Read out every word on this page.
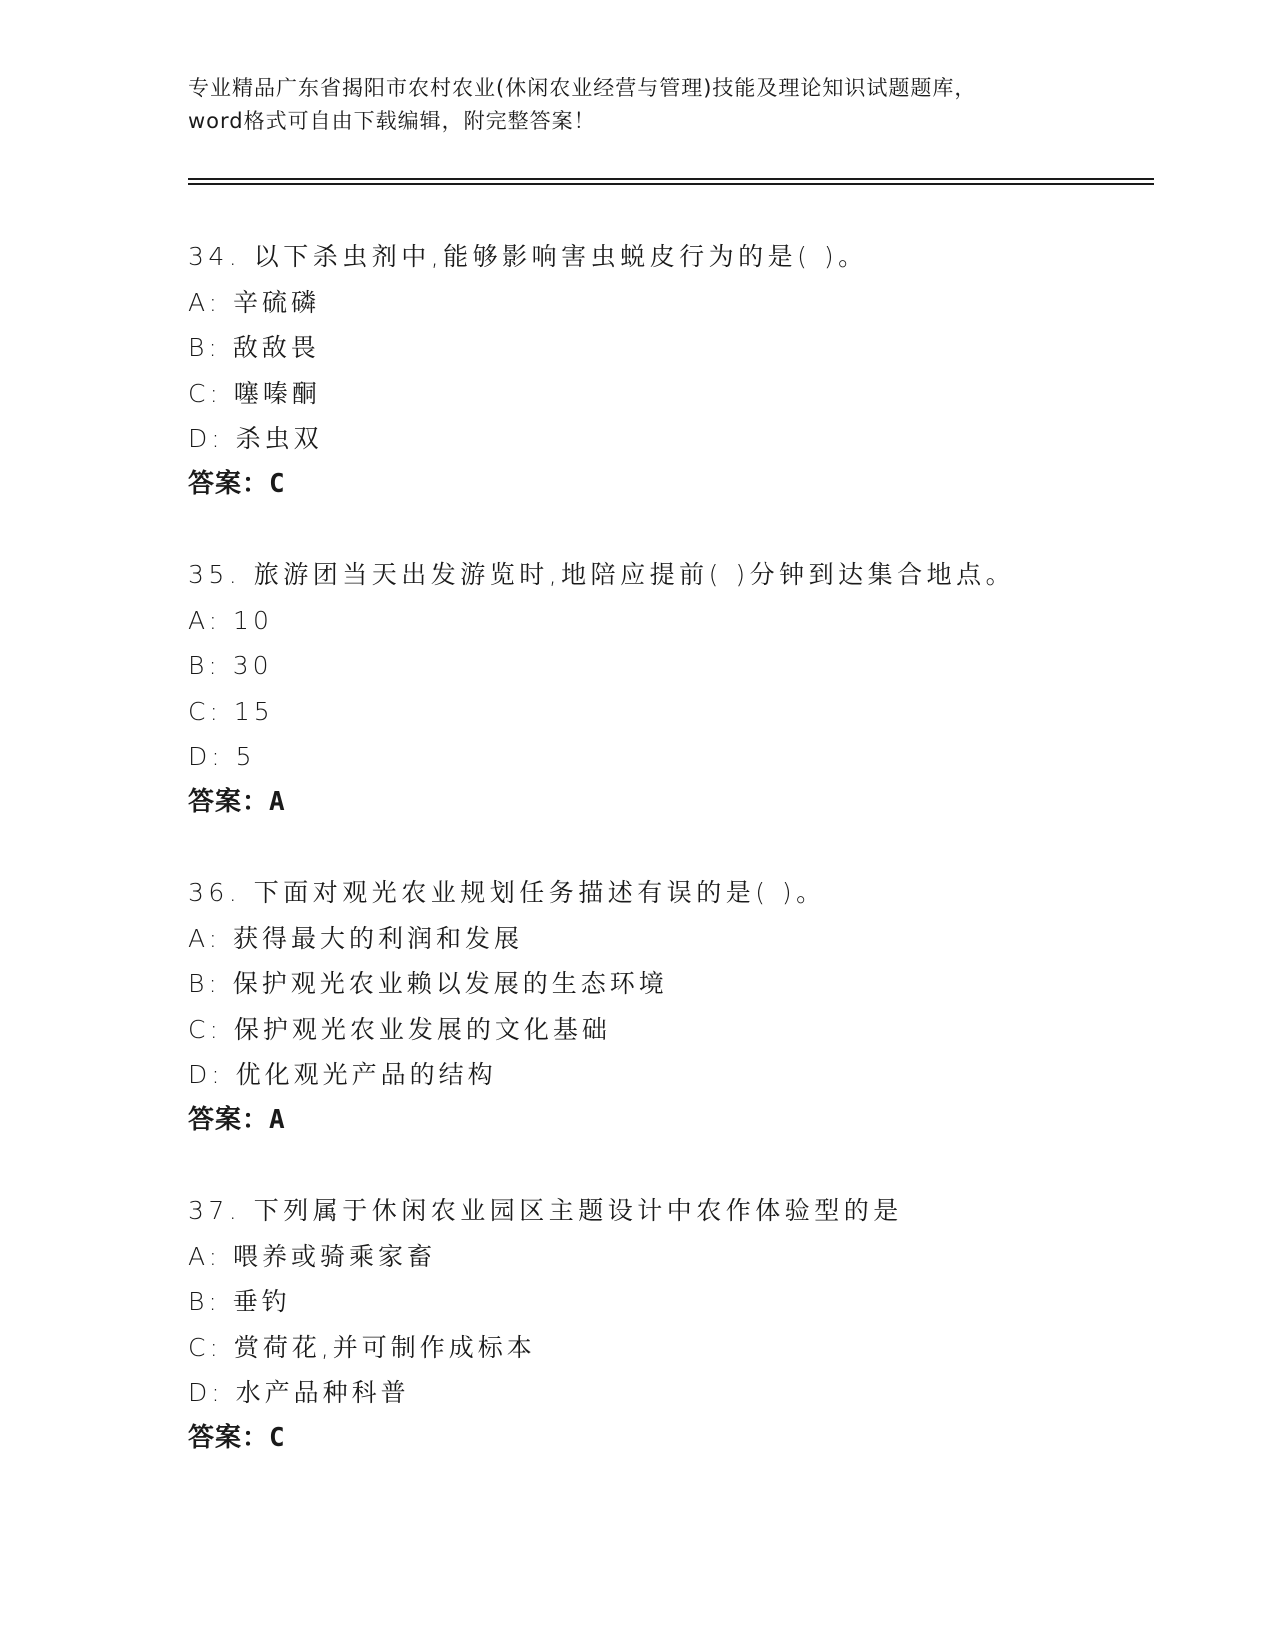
专业精品广东省揭阳市农村农业(休闲农业经营与管理)技能及理论知识试题题库，
word格式可自由下载编辑，附完整答案！
34. 以下杀虫剂中,能够影响害虫蜕皮行为的是( )。
A: 辛硫磷
B: 敌敌畏
C: 噻嗪酮
D: 杀虫双
答案：C
35. 旅游团当天出发游览时,地陪应提前( )分钟到达集合地点。
A: 10
B: 30
C: 15
D: 5
答案：A
36. 下面对观光农业规划任务描述有误的是( )。
A: 获得最大的利润和发展
B: 保护观光农业赖以发展的生态环境
C: 保护观光农业发展的文化基础
D: 优化观光产品的结构
答案：A
37. 下列属于休闲农业园区主题设计中农作体验型的是
A: 喂养或骑乘家畜
B: 垂钓
C: 赏荷花,并可制作成标本
D: 水产品种科普
答案：C
